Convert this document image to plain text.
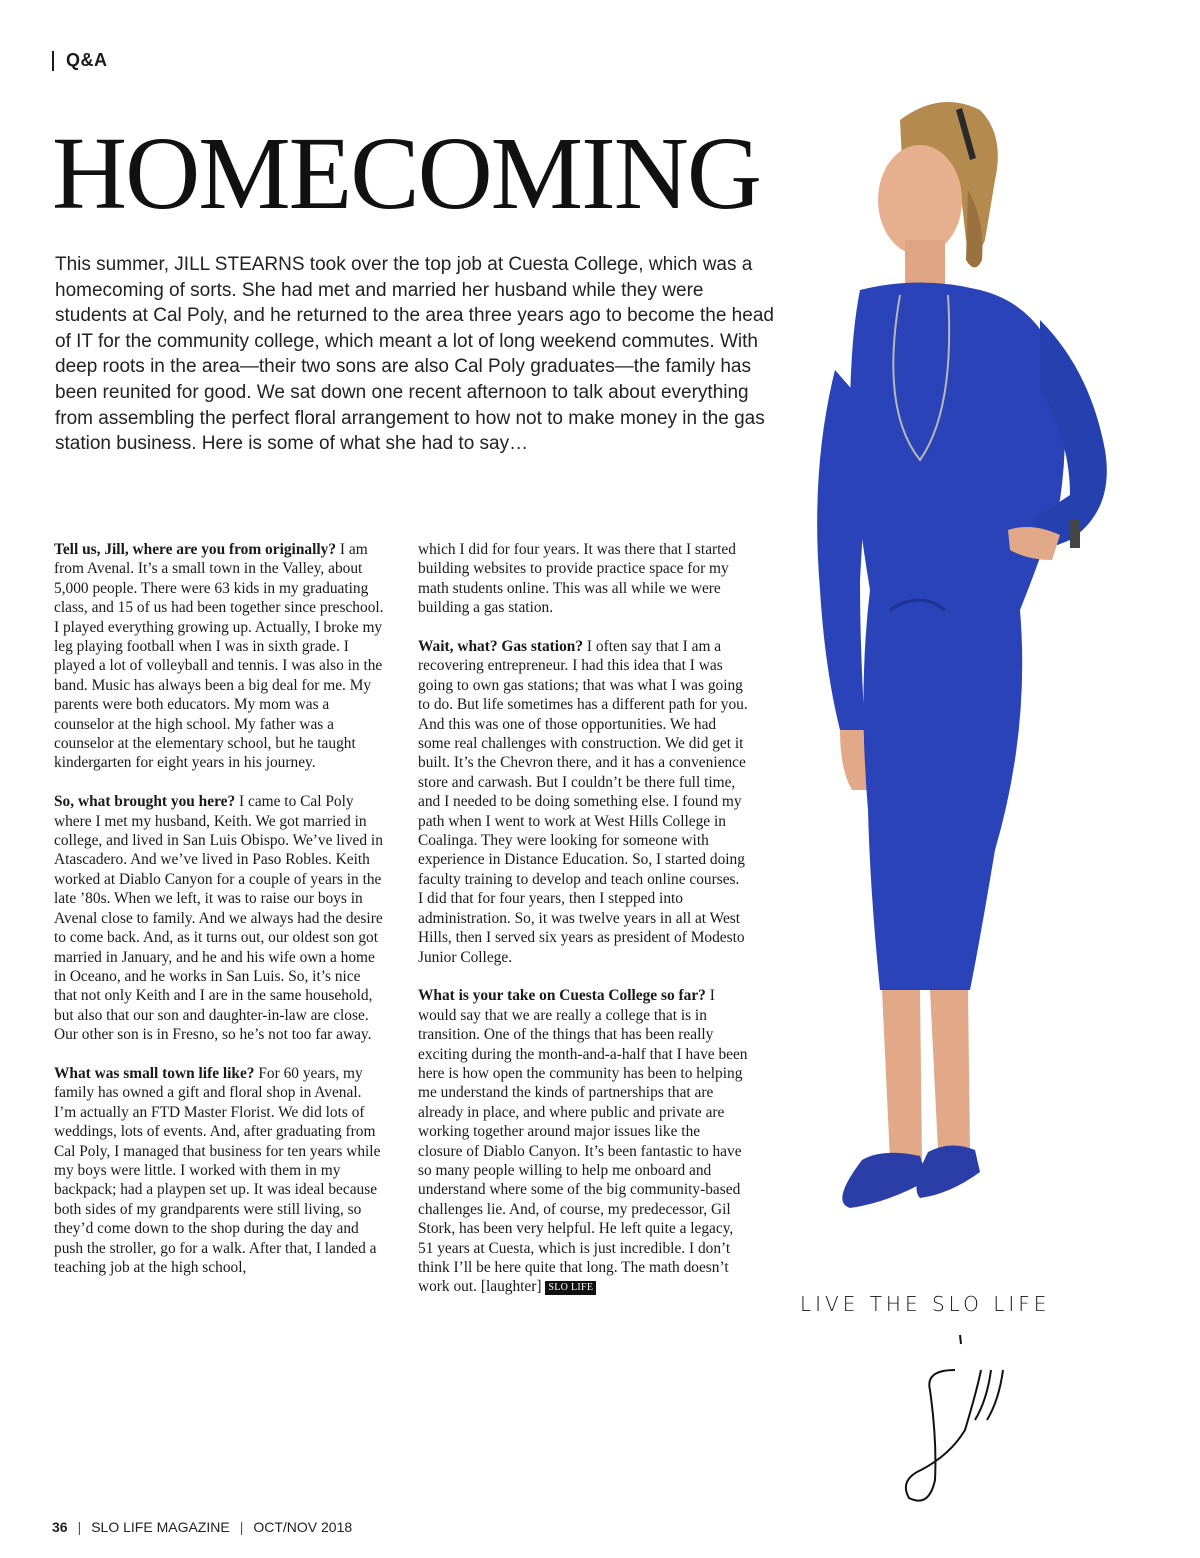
Q&A
HOMECOMING

This summer, JILL STEARNS took over the top job at Cuesta College, which was a homecoming of sorts. She had met and married her husband while they were students at Cal Poly, and he returned to the area three years ago to become the head of IT for the community college, which meant a lot of long weekend commutes. With deep roots in the area—their two sons are also Cal Poly graduates—the family has been reunited for good. We sat down one recent afternoon to talk about everything from assembling the perfect floral arrangement to how not to make money in the gas station business. Here is some of what she had to say…

Tell us, Jill, where are you from originally? I am from Avenal. It’s a small town in the Valley, about 5,000 people. There were 63 kids in my graduating class, and 15 of us had been together since preschool. I played everything growing up. Actually, I broke my leg playing football when I was in sixth grade. I played a lot of volleyball and tennis. I was also in the band. Music has always been a big deal for me. My parents were both educators. My mom was a counselor at the high school. My father was a counselor at the elementary school, but he taught kindergarten for eight years in his journey.

So, what brought you here? I came to Cal Poly where I met my husband, Keith. We got married in college, and lived in San Luis Obispo. We’ve lived in Atascadero. And we’ve lived in Paso Robles. Keith worked at Diablo Canyon for a couple of years in the late ’80s. When we left, it was to raise our boys in Avenal close to family. And we always had the desire to come back. And, as it turns out, our oldest son got married in January, and he and his wife own a home in Oceano, and he works in San Luis. So, it’s nice that not only Keith and I are in the same household, but also that our son and daughter-in-law are close. Our other son is in Fresno, so he’s not too far away.

What was small town life like? For 60 years, my family has owned a gift and floral shop in Avenal. I’m actually an FTD Master Florist. We did lots of weddings, lots of events. And, after graduating from Cal Poly, I managed that business for ten years while my boys were little. I worked with them in my backpack; had a playpen set up. It was ideal because both sides of my grandparents were still living, so they’d come down to the shop during the day and push the stroller, go for a walk. After that, I landed a teaching job at the high school,

which I did for four years. It was there that I started building websites to provide practice space for my math students online. This was all while we were building a gas station.

Wait, what? Gas station? I often say that I am a recovering entrepreneur. I had this idea that I was going to own gas stations; that was what I was going to do. But life sometimes has a different path for you. And this was one of those opportunities. We had some real challenges with construction. We did get it built. It’s the Chevron there, and it has a convenience store and carwash. But I couldn’t be there full time, and I needed to be doing something else. I found my path when I went to work at West Hills College in Coalinga. They were looking for someone with experience in Distance Education. So, I started doing faculty training to develop and teach online courses. I did that for four years, then I stepped into administration. So, it was twelve years in all at West Hills, then I served six years as president of Modesto Junior College.

What is your take on Cuesta College so far? I would say that we are really a college that is in transition. One of the things that has been really exciting during the month-and-a-half that I have been here is how open the community has been to helping me understand the kinds of partnerships that are already in place, and where public and private are working together around major issues like the closure of Diablo Canyon. It’s been fantastic to have so many people willing to help me onboard and understand where some of the big community-based challenges lie. And, of course, my predecessor, Gil Stork, has been very helpful. He left quite a legacy, 51 years at Cuesta, which is just incredible. I don’t think I’ll be here quite that long. The math doesn’t work out. [laughter] SLO LIFE

LIVE THE SLO LIFE
36 | SLO LIFE MAGAZINE | OCT/NOV 2018
